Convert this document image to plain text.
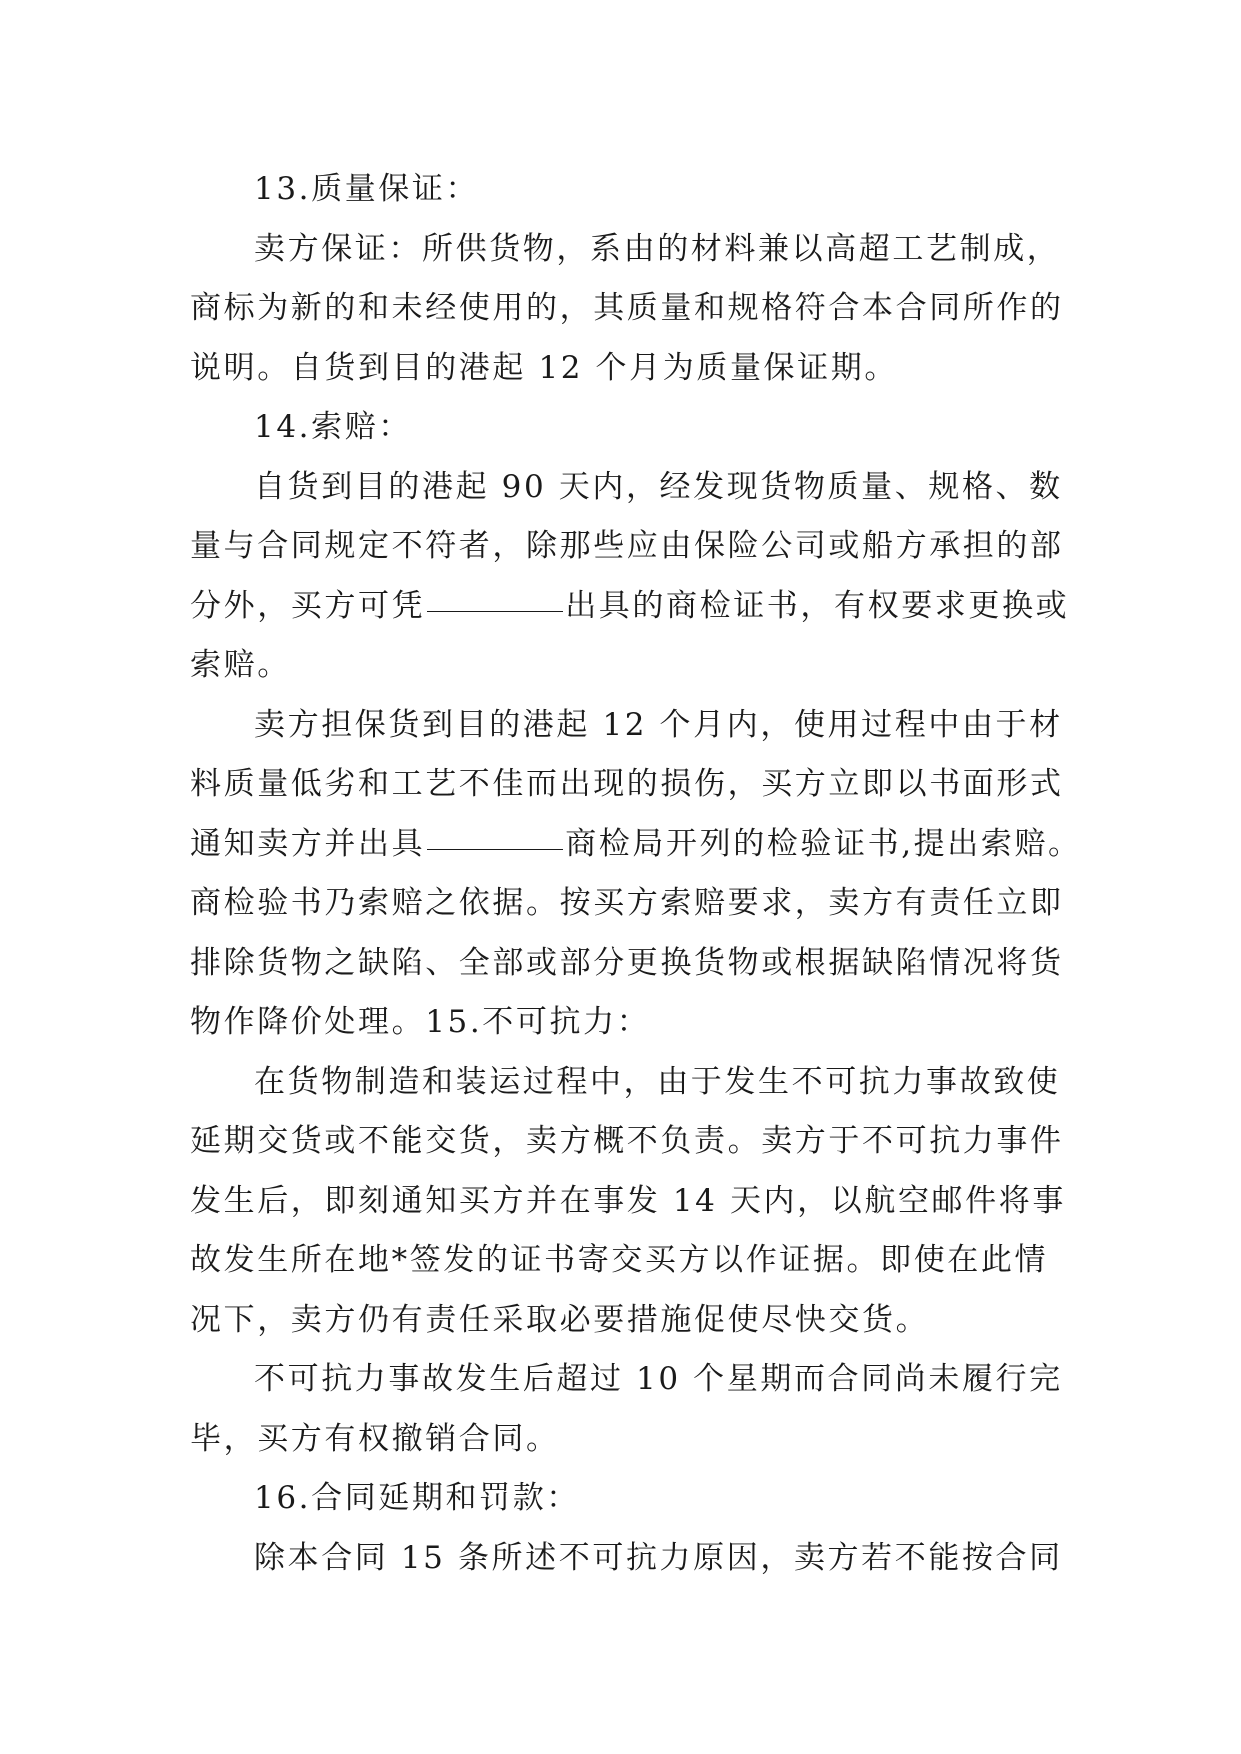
13.质量保证：
卖方保证：所供货物，系由的材料兼以高超工艺制成，
商标为新的和未经使用的，其质量和规格符合本合同所作的
说明。自货到目的港起 12 个月为质量保证期。
14.索赔：
自货到目的港起 90 天内，经发现货物质量、规格、数
量与合同规定不符者，除那些应由保险公司或船方承担的部
分外，买方可凭	出具的商检证书，有权要求更换或
索赔。
卖方担保货到目的港起 12 个月内，使用过程中由于材
料质量低劣和工艺不佳而出现的损伤，买方立即以书面形式
通知卖方并出具	商检局开列的检验证书,提出索赔。
商检验书乃索赔之依据。按买方索赔要求，卖方有责任立即
排除货物之缺陷、全部或部分更换货物或根据缺陷情况将货
物作降价处理。15.不可抗力：
在货物制造和装运过程中，由于发生不可抗力事故致使
延期交货或不能交货，卖方概不负责。卖方于不可抗力事件
发生后，即刻通知买方并在事发 14 天内，以航空邮件将事
故发生所在地*签发的证书寄交买方以作证据。即使在此情
况下，卖方仍有责任采取必要措施促使尽快交货。
不可抗力事故发生后超过 10 个星期而合同尚未履行完
毕，买方有权撤销合同。
16.合同延期和罚款：
除本合同 15 条所述不可抗力原因，卖方若不能按合同
